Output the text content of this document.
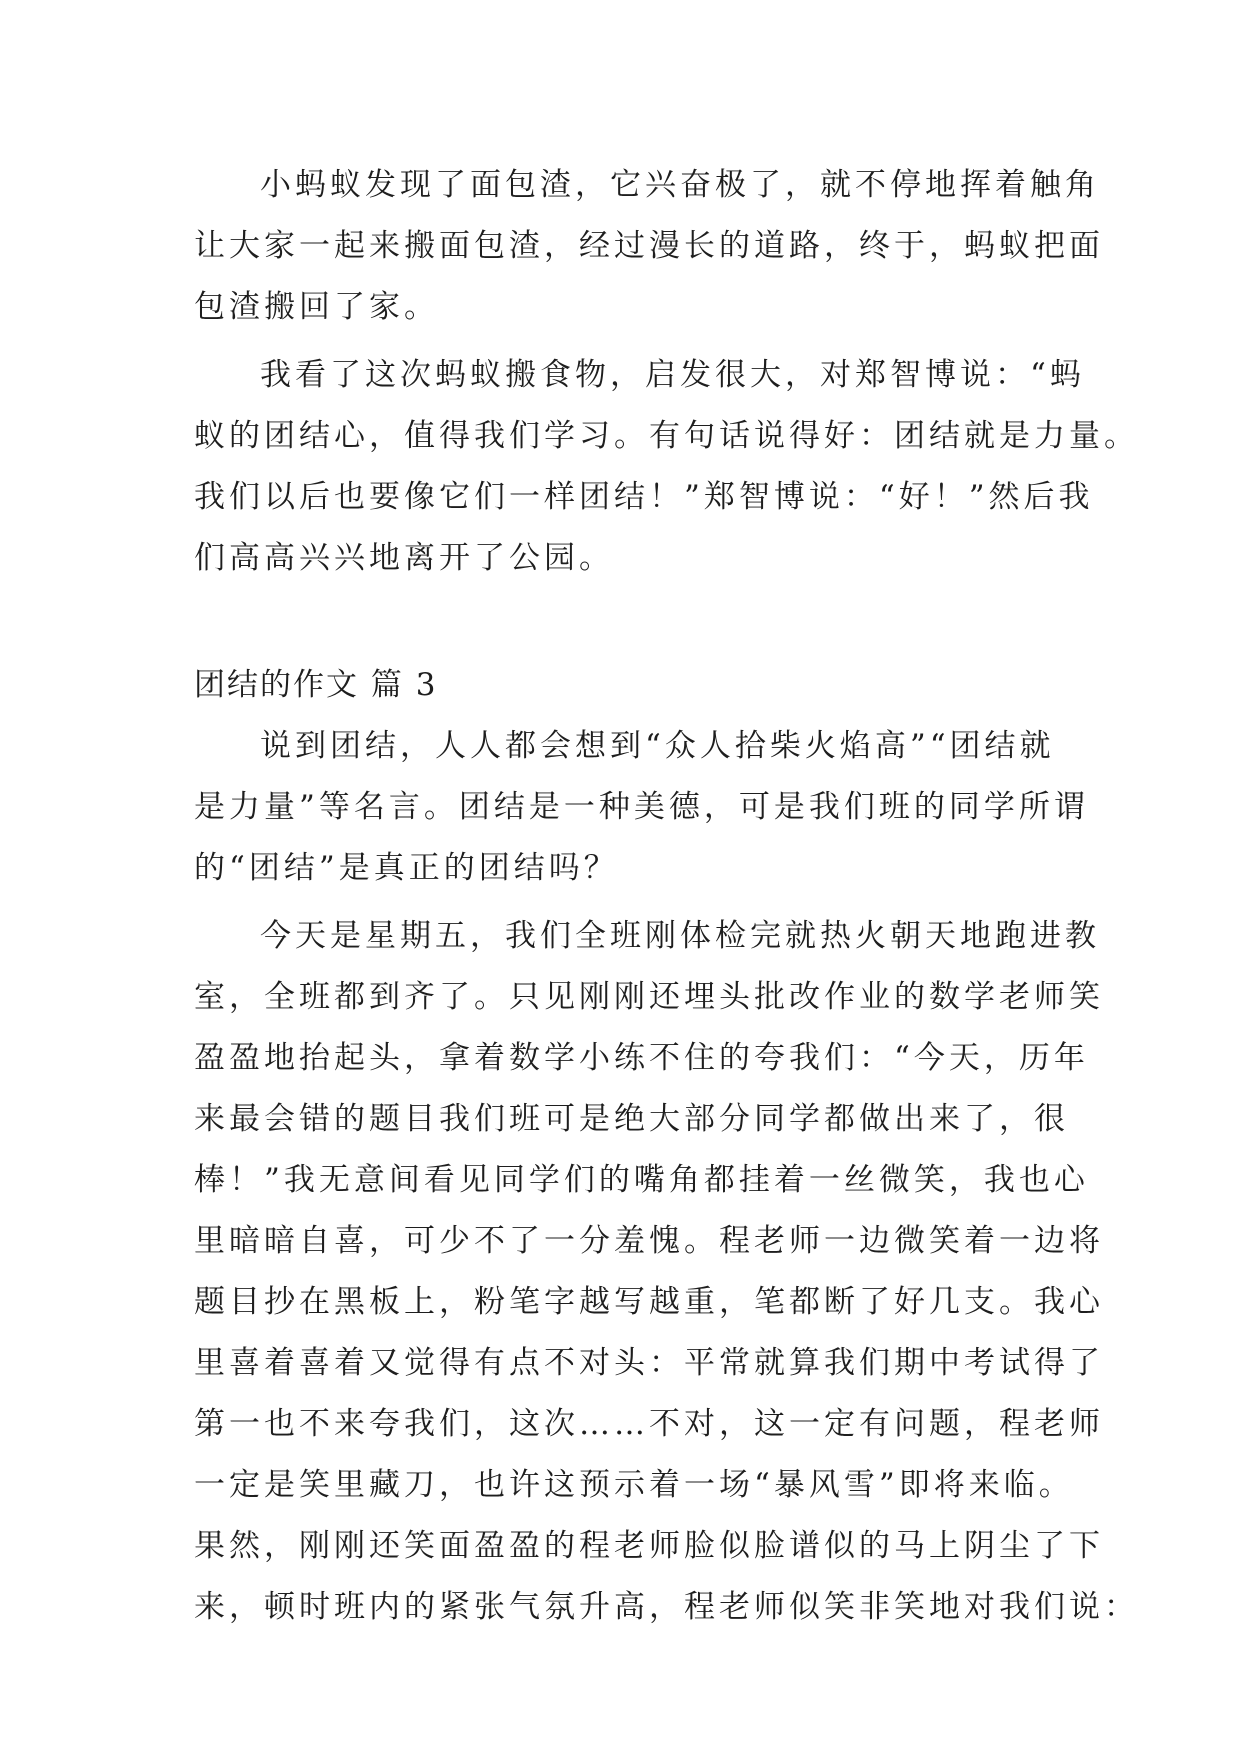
小蚂蚁发现了面包渣，它兴奋极了，就不停地挥着触角
让大家一起来搬面包渣，经过漫长的道路，终于，蚂蚁把面
包渣搬回了家。
我看了这次蚂蚁搬食物，启发很大，对郑智博说：“蚂
蚁的团结心，值得我们学习。有句话说得好：团结就是力量。
我们以后也要像它们一样团结！”郑智博说：“好！”然后我
们高高兴兴地离开了公园。
团结的作文 篇 3
说到团结，人人都会想到“众人拾柴火焰高”“团结就
是力量”等名言。团结是一种美德，可是我们班的同学所谓
的“团结”是真正的团结吗？
今天是星期五，我们全班刚体检完就热火朝天地跑进教
室，全班都到齐了。只见刚刚还埋头批改作业的数学老师笑
盈盈地抬起头，拿着数学小练不住的夸我们：“今天，历年
来最会错的题目我们班可是绝大部分同学都做出来了，很
棒！”我无意间看见同学们的嘴角都挂着一丝微笑，我也心
里暗暗自喜，可少不了一分羞愧。程老师一边微笑着一边将
题目抄在黑板上，粉笔字越写越重，笔都断了好几支。我心
里喜着喜着又觉得有点不对头：平常就算我们期中考试得了
第一也不来夸我们，这次……不对，这一定有问题，程老师
一定是笑里藏刀，也许这预示着一场“暴风雪”即将来临。
果然，刚刚还笑面盈盈的程老师脸似脸谱似的马上阴尘了下
来，顿时班内的紧张气氛升高，程老师似笑非笑地对我们说：
